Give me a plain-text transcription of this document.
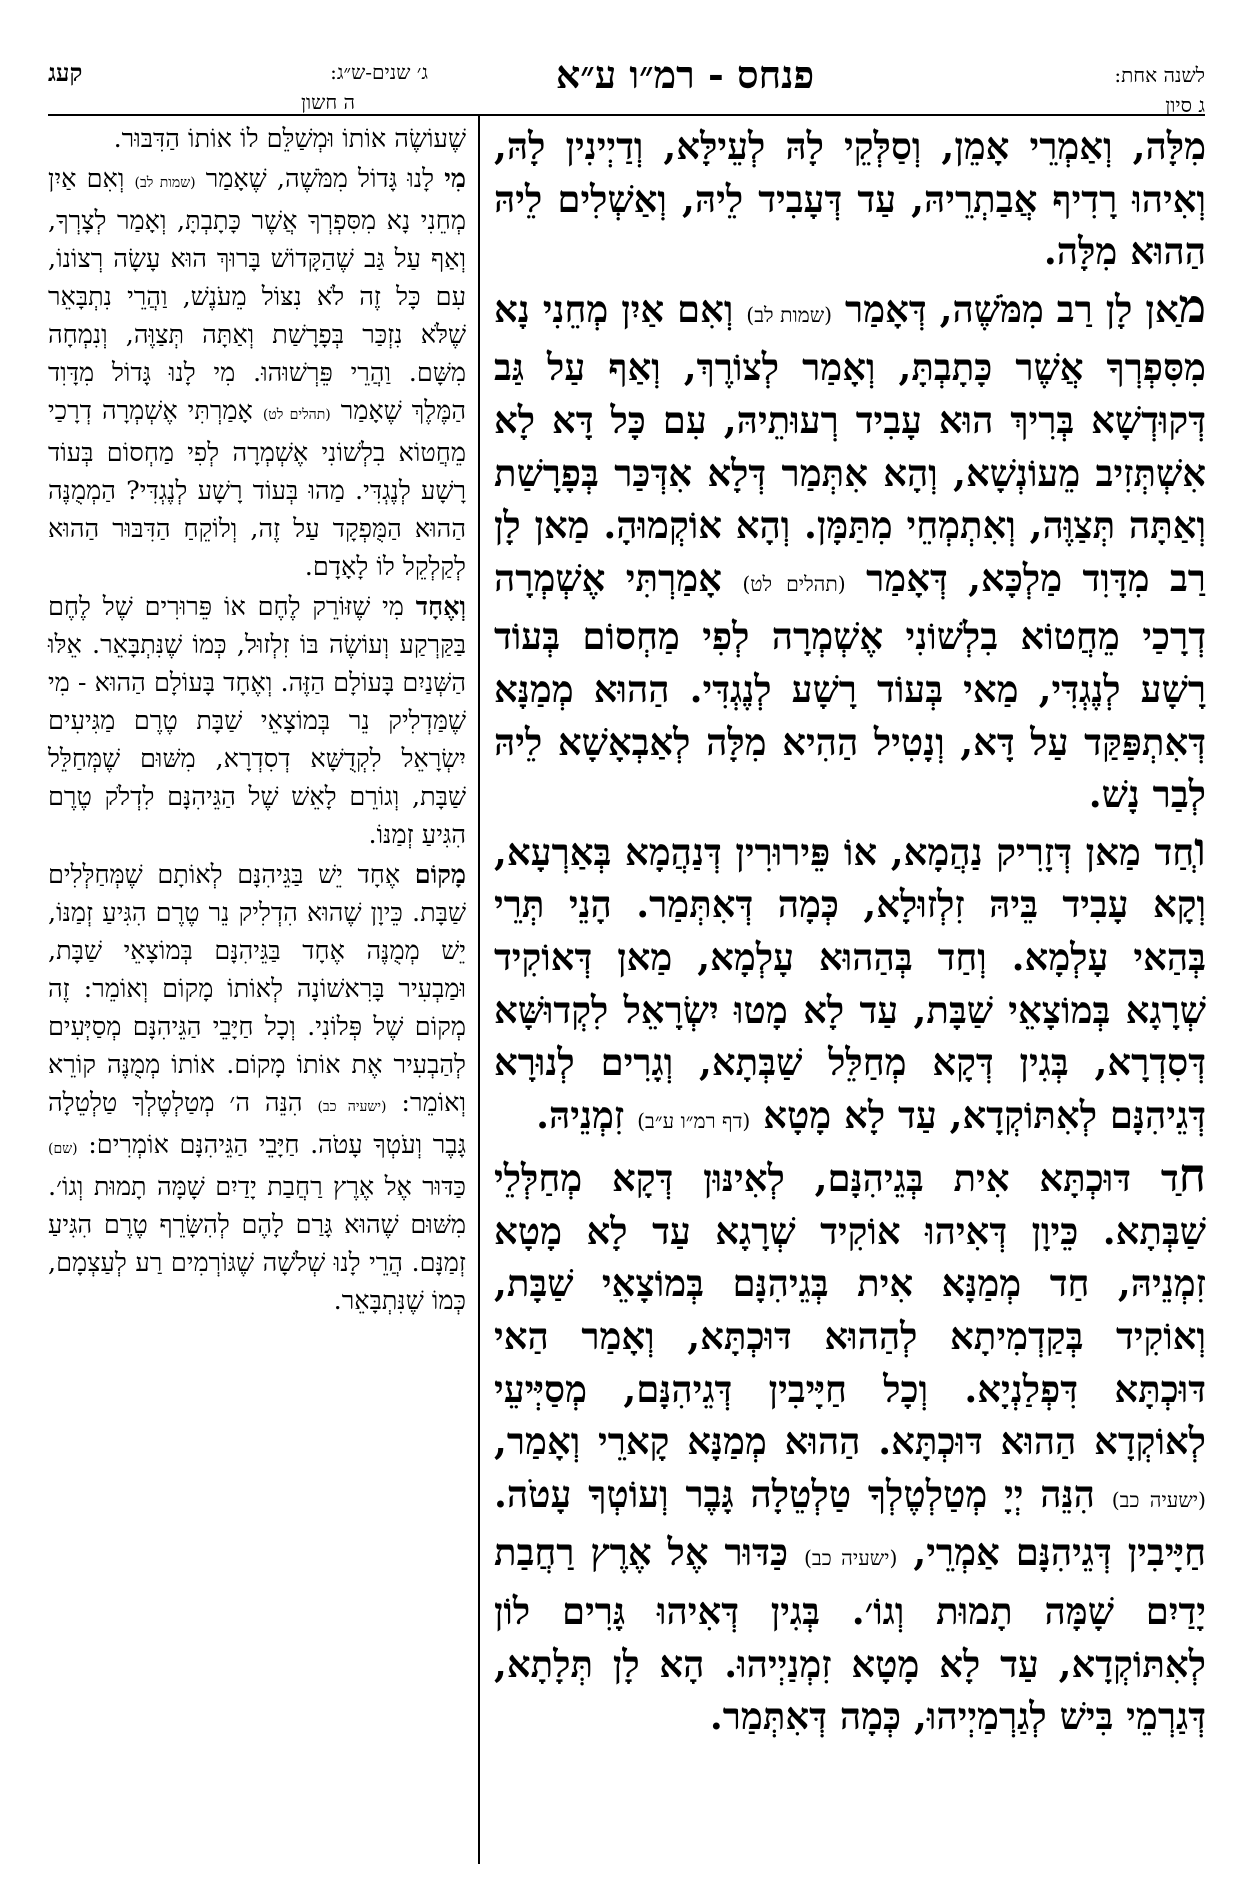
ג׳ שנים-ש״ג:
ה חשון
קעג	פנחס - רמ״ו ע״א	לשנה אחת:
ג סיון

מִלָּה, וְאַמְרֵי אָמֵן, וְסַלְּקֵי לָהּ לְעֵילָּא, וְדַיְינִין לָהּ, וְאִיהוּ רָדִיף אֲבַתְרֵיהּ, עַד דְּעָבִיד לֵיהּ, וְאַשְׁלִים לֵיהּ הַהוּא מִלָּה.

מַאן לָן רַב מִמֹּשֶׁה, דְּאָמַר (שמות לב) וְאִם אַיִן מְחֵנִי נָא מִסִּפְרְךָ אֲשֶׁר כָּתָבְתָּ, וְאָמַר לְצוֹרֶךְ, וְאַף עַל גַּב דְּקוּדְשָׁא בְּרִיךְ הוּא עָבִיד רְעוּתֵיהּ, עִם כָּל דָּא לָא אִשְׁתְּזִיב מֵעוֹנְשָׁא, וְהָא אִתְּמַר דְּלָא אִדְּכַּר בְּפָרָשַׁת וְאַתָּה תְּצַוֶּה, וְאִתְמְחֵי מִתַּמָּן. וְהָא אוֹקְמוּהָ. מַאן לָן רַב מִדָּוִד מַלְכָּא, דְּאָמַר (תהלים לט) אָמַרְתִּי אֶשְׁמְרָה דְרָכַי מֵחֲטוֹא בִלְשׁוֹנִי אֶשְׁמְרָה לְפִי מַחְסוֹם בְּעוֹד רָשָׁע לְנֶגְדִּי, מַאי בְּעוֹד רָשָׁע לְנֶגְדִּי. הַהוּא מְמַנָּא דְּאִתְפַּקַּד עַל דָּא, וְנָטִיל הַהִיא מִלָּה לְאַבְאָשָׁא לֵיהּ לְבַר נָשׁ.

וְחַד מַאן דְּזָרִיק נַהֲמָא, אוֹ פֵּירוּרִין דְּנַהֲמָא בְּאַרְעָא, וְקָא עָבִיד בֵּיהּ זִלְזוּלָא, כְּמָה דְּאִתְּמַר. הָנֵי תְּרֵי בְּהַאי עָלְמָא. וְחַד בְּהַהוּא עָלְמָא, מַאן דְּאוֹקִיד שְׁרָגָא בְּמוֹצָאֵי שַׁבָּת, עַד לָא מָטוּ יִשְׂרָאֵל לִקְדוּשָּׁא דְּסִדְרָא, בְּגִין דְּקָא מְחַלֵּל שַׁבְּתָא, וְגָרִים לְנוּרָא דְּגֵיהִנָּם לְאִתּוֹקְדָא, עַד לָא מָטָא (דף רמ״ו ע״ב) זִמְנֵיהּ.

חַד דּוּכְתָּא אִית בְּגֵיהִנָּם, לְאִינּוּן דְּקָא מְחַלְּלֵי שַׁבְּתָא. כֵּיוָן דְּאִיהוּ אוֹקִיד שְׁרָגָא עַד לָא מָטָא זִמְנֵיהּ, חַד מְמַנָּא אִית בְּגֵיהִנָּם בְּמוֹצָאֵי שַׁבָּת, וְאוֹקִיד בְּקַדְמִיתָא לְהַהוּא דּוּכְתָּא, וְאָמַר הַאי דּוּכְתָּא דִּפְלַנְיָא. וְכָל חַיָּיבִין דְּגֵיהִנָּם, מְסַיְּיעֵי לְאוֹקְדָא הַהוּא דּוּכְתָּא. הַהוּא מְמַנָּא קָארֵי וְאָמַר, (ישעיה כב) הִנֵּה יְיָ מְטַלְטֶלְךָ טַלְטֵלָה גָּבֶר וְעוֹטְךָ עָטֹה. חַיָּיבִין דְּגֵיהִנָּם אַמְרֵי, (ישעיה כב) כַּדּוּר אֶל אֶרֶץ רַחֲבַת יָדַיִם שָׁמָּה תָמוּת וְגוֹ׳. בְּגִין דְּאִיהוּ גָּרִים לוֹן לְאִתּוֹקְדָא, עַד לָא מָטָא זִמְנַיְיהוּ. הָא לָן תְּלָתָא, דְּגַרְמֵי בִּישׁ לְגַרְמַיְיהוּ, כְּמָה דְּאִתְּמַר.

שֶׁעוֹשֶׂה אוֹתוֹ וּמְשַׁלֵּם לוֹ אוֹתוֹ הַדִּבּוּר.

מִי לָנוּ גָּדוֹל מִמֹּשֶׁה, שֶׁאָמַר (שמות לב) וְאִם אַיִן מְחֵנִי נָא מִסִּפְרְךָ אֲשֶׁר כָּתָבְתָּ, וְאָמַר לְצָרְךָ, וְאַף עַל גַּב שֶׁהַקָּדוֹשׁ בָּרוּךְ הוּא עָשָׂה רְצוֹנוֹ, עִם כָּל זֶה לֹא נִצּוֹל מֵעֹנֶשׁ, וַהֲרֵי נִתְבָּאֵר שֶׁלֹּא נִזְכַּר בְּפָרָשַׁת וְאַתָּה תְּצַוֶּה, וְנִמְחָה מִשָּׁם. וַהֲרֵי פֵּרְשׁוּהוּ. מִי לָנוּ גָּדוֹל מִדָּוִד הַמֶּלֶךְ שֶׁאָמַר (תהלים לט) אָמַרְתִּי אֶשְׁמְרָה דְרָכַי מֵחֲטוֹא בִלְשׁוֹנִי אֶשְׁמְרָה לְפִי מַחְסוֹם בְּעוֹד רָשָׁע לְנֶגְדִּי. מַהוּ בְּעוֹד רָשָׁע לְנֶגְדִּי? הַמְמֻנֶּה הַהוּא הַמֻּפְקָד עַל זֶה, וְלוֹקֵחַ הַדִּבּוּר הַהוּא לְקַלְקֵל לוֹ לָאָדָם.

וְאֶחָד מִי שֶׁזּוֹרֵק לֶחֶם אוֹ פֵּרוּרִים שֶׁל לֶחֶם בַּקַּרְקַע וְעוֹשֶׂה בּוֹ זִלְזוּל, כְּמוֹ שֶׁנִּתְבָּאֵר. אֵלּוּ הַשְּׁנַיִם בָּעוֹלָם הַזֶּה. וְאֶחָד בָּעוֹלָם הַהוּא - מִי שֶׁמַּדְלִיק נֵר בְּמוֹצָאֵי שַׁבָּת טֶרֶם מַגִּיעִים יִשְׂרָאֵל לִקְדֻשָּׁא דְסִדְרָא, מִשּׁוּם שֶׁמְּחַלֵּל שַׁבָּת, וְגוֹרֵם לָאֵשׁ שֶׁל הַגֵּיהִנָּם לִדְלֹק טֶרֶם הִגִּיעַ זְמַנּוֹ.

מָקוֹם אֶחָד יֵשׁ בַּגֵּיהִנָּם לְאוֹתָם שֶׁמְּחַלְּלִים שַׁבָּת. כֵּיוָן שֶׁהוּא הִדְלִיק נֵר טֶרֶם הִגִּיעַ זְמַנּוֹ, יֵשׁ מְמֻנֶּה אֶחָד בַּגֵּיהִנָּם בְּמוֹצָאֵי שַׁבָּת, וּמַבְעִיר בָּרִאשׁוֹנָה לְאוֹתוֹ מָקוֹם וְאוֹמֵר: זֶה מְקוֹם שֶׁל פְּלוֹנִי. וְכָל חַיָּבֵי הַגֵּיהִנָּם מְסַיְּעִים לְהַבְעִיר אֶת אוֹתוֹ מָקוֹם. אוֹתוֹ מְמֻנֶּה קוֹרֵא וְאוֹמֵר: (ישעיה כב) הִנֵּה ה׳ מְטַלְטֶלְךָ טַלְטֵלָה גָּבֶר וְעֹטְךָ עָטֹה. חַיָּבֵי הַגֵּיהִנָּם אוֹמְרִים: (שם) כַּדּוּר אֶל אֶרֶץ רַחֲבַת יָדַיִם שָׁמָּה תָמוּת וְגוֹ׳. מִשּׁוּם שֶׁהוּא גָּרַם לָהֶם לְהִשָּׂרֵף טֶרֶם הִגִּיעַ זְמַנָּם. הֲרֵי לָנוּ שְׁלֹשָׁה שֶׁגּוֹרְמִים רַע לְעַצְמָם, כְּמוֹ שֶׁנִּתְבָּאֵר.
